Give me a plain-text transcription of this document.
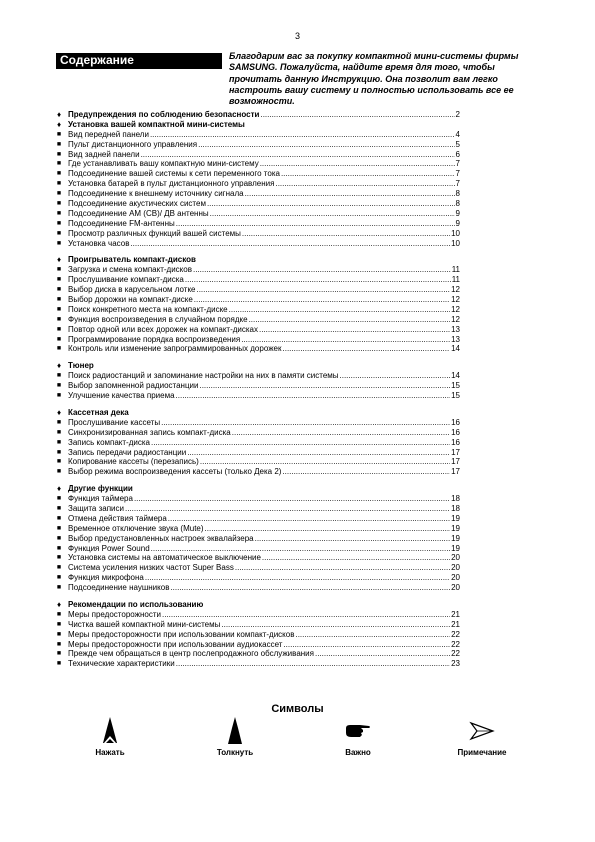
3
Содержание	Благодарим вас за покупку компактной мини-системы фирмы SAMSUNG. Пожалуйста, найдите время для того, чтобы прочитать данную Инструкцию. Она позволит вам легко настроить вашу систему и полностью использовать все ее возможности.
♦ Предупреждения по соблюдению безопасности .....	2
♦ Установка вашей компактной мини-системы
■ Вид передней панели .....	4
■ Пульт дистанционного управления .....	5
■ Вид задней панели .....	6
■ Где устанавливать вашу компактную мини-систему .....	7
■ Подсоединение вашей системы к сети переменного тока .....	7
■ Установка батарей в пульт дистанционного управления .....	7
■ Подсоединение к внешнему источнику сигнала .....	8
■ Подсоединение акустических систем .....	8
■ Подсоединение AM (CB)/ ДВ антенны .....	9
■ Подсоединение FM-антенны .....	9
■ Просмотр различных функций вашей системы .....	10
■ Установка часов .....	10
♦ Проигрыватель компакт-дисков
■ Загрузка и смена компакт-дисков .....	11
■ Прослушивание компакт-диска .....	11
■ Выбор диска в карусельном лотке .....	12
■ Выбор дорожки на компакт-диске .....	12
■ Поиск конкретного места на компакт-диске .....	12
■ Функция воспроизведения в случайном порядке .....	12
■ Повтор одной или всех дорожек на компакт-дисках .....	13
■ Программирование порядка воспроизведения .....	13
■ Контроль или изменение запрограммированных дорожек .....	14
♦ Тюнер
■ Поиск радиостанций и запоминание настройки на них в памяти системы .....	14
■ Выбор запомненной радиостанции .....	15
■ Улучшение качества приема .....	15
♦ Кассетная дека
■ Прослушивание кассеты .....	16
■ Синхронизированная запись компакт-диска .....	16
■ Запись компакт-диска .....	16
■ Запись передачи радиостанции .....	17
■ Копирование кассеты (перезапись) .....	17
■ Выбор режима воспроизведения кассеты (только Дека 2) .....	17
♦ Другие функции
■ Функция таймера .....	18
■ Защита записи .....	18
■ Отмена действия таймера .....	19
■ Временное отключение звука (Mute) .....	19
■ Выбор предустановленных настроек эквалайзера .....	19
■ Функция Power Sound .....	19
■ Установка системы на автоматическое выключение .....	20
■ Система усиления низких частот Super Bass .....	20
■ Функция микрофона .....	20
■ Подсоединение наушников .....	20
♦ Рекомендации по использованию
■ Меры предосторожности .....	21
■ Чистка вашей компактной мини-системы .....	21
■ Меры предосторожности при использовании компакт-дисков .....	22
■ Меры предосторожности при использовании аудиокассет .....	22
■ Прежде чем обращаться в центр послепродажного обслуживания .....	22
■ Технические характеристики .....	23
Символы
Нажать	Толкнуть	Важно	Примечание
